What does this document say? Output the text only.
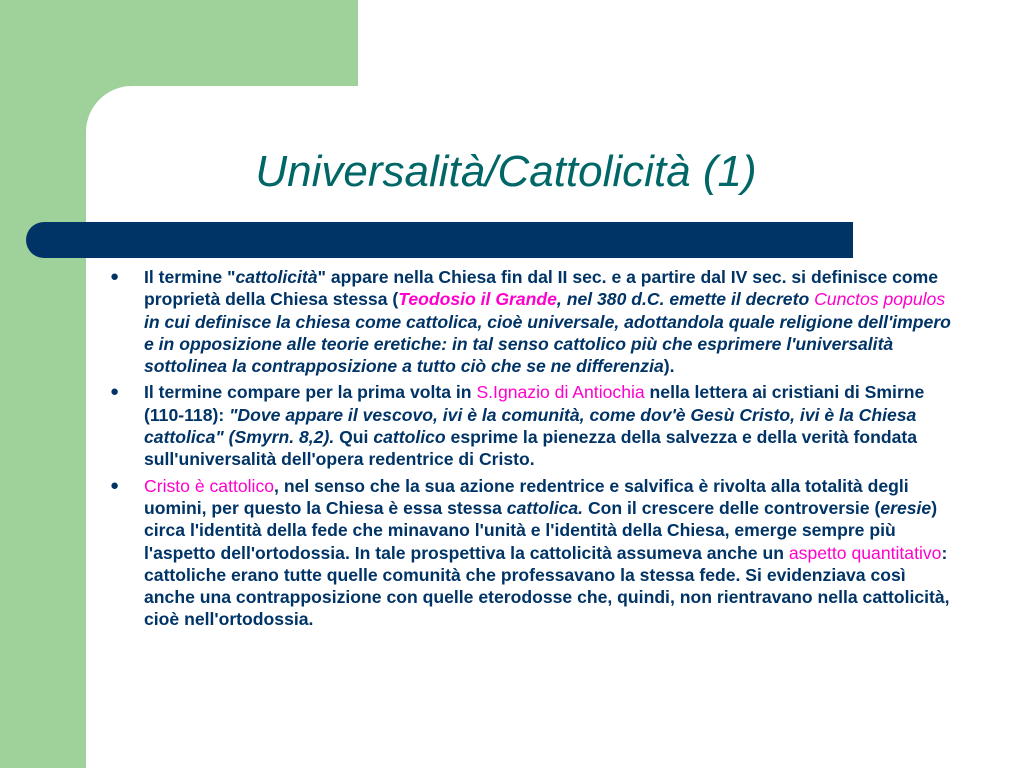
Universalità/Cattolicità (1)
● Il termine "cattolicità" appare nella Chiesa fin dal II sec. e a partire dal IV sec. si definisce come proprietà della Chiesa stessa (Teodosio il Grande, nel 380 d.C. emette il decreto Cunctos populos in cui definisce la chiesa come cattolica, cioè universale, adottandola quale religione dell'impero e in opposizione alle teorie eretiche: in tal senso cattolico più che esprimere l'universalità sottolinea la contrapposizione a tutto ciò che se ne differenzia).
● Il termine compare per la prima volta in S.Ignazio di Antiochia nella lettera ai cristiani di Smirne (110-118): "Dove appare il vescovo, ivi è la comunità, come dov'è Gesù Cristo, ivi è la Chiesa cattolica" (Smyrn. 8,2). Qui cattolico esprime la pienezza della salvezza e della verità fondata sull'universalità dell'opera redentrice di Cristo.
● Cristo è cattolico, nel senso che la sua azione redentrice e salvifica è rivolta alla totalità degli uomini, per questo la Chiesa è essa stessa cattolica. Con il crescere delle controversie (eresie) circa l'identità della fede che minavano l'unità e l'identità della Chiesa, emerge sempre più l'aspetto dell'ortodossia. In tale prospettiva la cattolicità assumeva anche un aspetto quantitativo: cattoliche erano tutte quelle comunità che professavano la stessa fede. Si evidenziava così anche una contrapposizione con quelle eterodosse che, quindi, non rientravano nella cattolicità, cioè nell'ortodossia.
